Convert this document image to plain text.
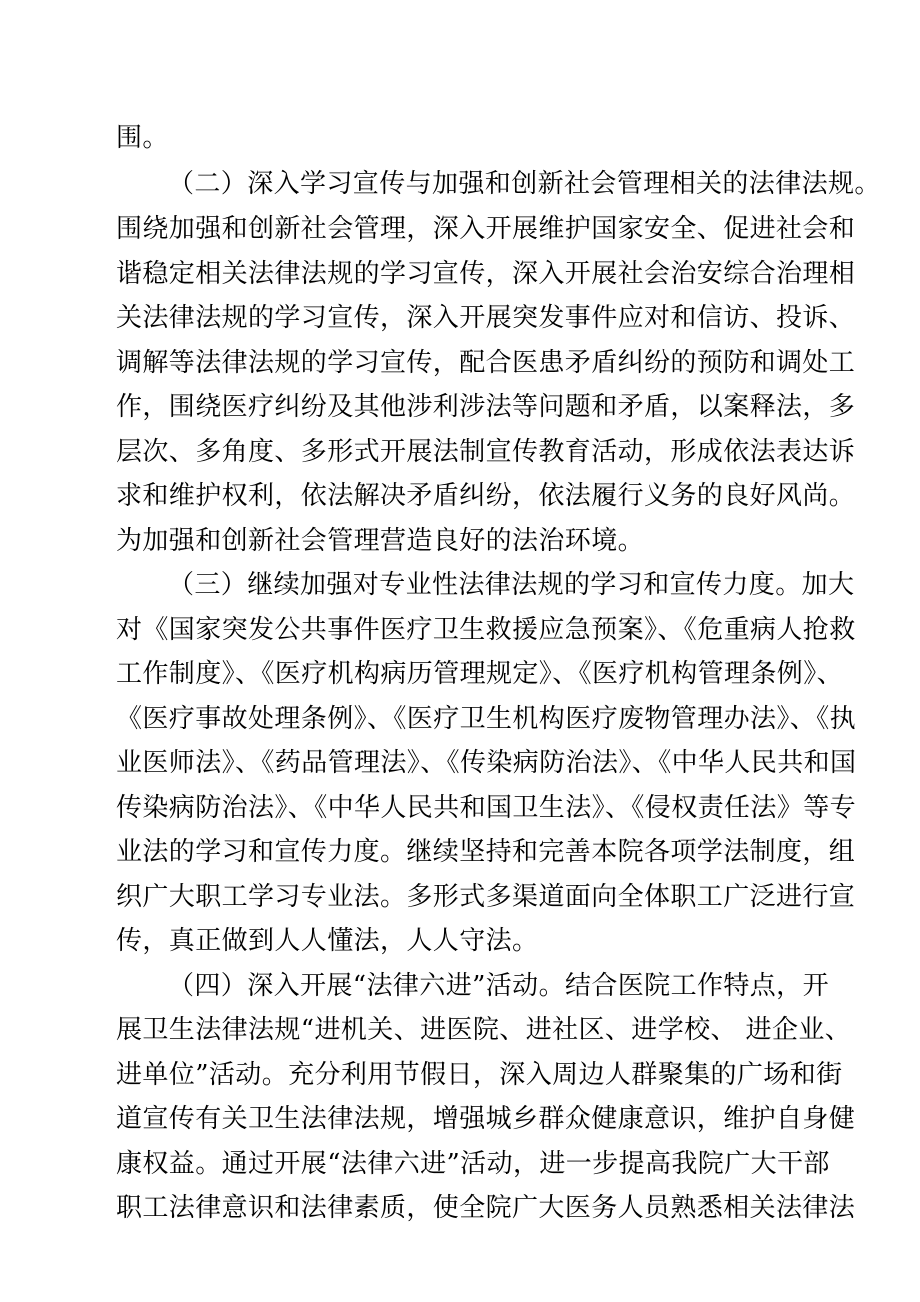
围。
（二）深入学习宣传与加强和创新社会管理相关的法律法规。
围绕加强和创新社会管理，深入开展维护国家安全、促进社会和
谐稳定相关法律法规的学习宣传，深入开展社会治安综合治理相
关法律法规的学习宣传，深入开展突发事件应对和信访、投诉、
调解等法律法规的学习宣传，配合医患矛盾纠纷的预防和调处工
作，围绕医疗纠纷及其他涉利涉法等问题和矛盾，以案释法，多
层次、多角度、多形式开展法制宣传教育活动，形成依法表达诉
求和维护权利，依法解决矛盾纠纷，依法履行义务的良好风尚。
为加强和创新社会管理营造良好的法治环境。
（三）继续加强对专业性法律法规的学习和宣传力度。加大
对《国家突发公共事件医疗卫生救援应急预案》、《危重病人抢救
工作制度》、《医疗机构病历管理规定》、《医疗机构管理条例》、
《医疗事故处理条例》、《医疗卫生机构医疗废物管理办法》、《执
业医师法》、《药品管理法》、《传染病防治法》、《中华人民共和国
传染病防治法》、《中华人民共和国卫生法》、《侵权责任法》等专
业法的学习和宣传力度。继续坚持和完善本院各项学法制度，组
织广大职工学习专业法。多形式多渠道面向全体职工广泛进行宣
传，真正做到人人懂法，人人守法。
（四）深入开展“法律六进”活动。结合医院工作特点，开
展卫生法律法规“进机关、进医院、进社区、进学校、 进企业、
进单位”活动。充分利用节假日，深入周边人群聚集的广场和街
道宣传有关卫生法律法规，增强城乡群众健康意识，维护自身健
康权益。通过开展“法律六进”活动，进一步提高我院广大干部
职工法律意识和法律素质，使全院广大医务人员熟悉相关法律法
